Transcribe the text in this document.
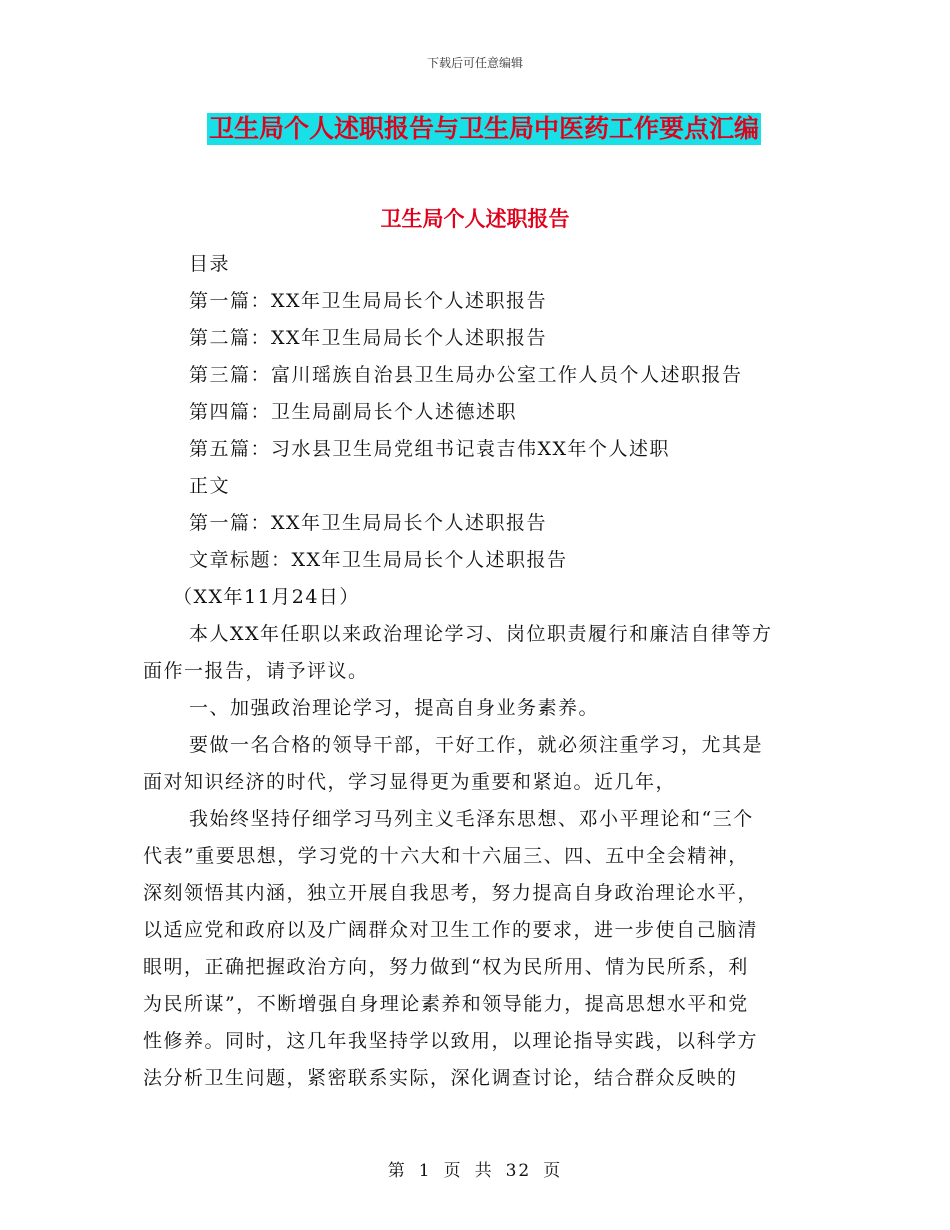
下载后可任意编辑
卫生局个人述职报告与卫生局中医药工作要点汇编
卫生局个人述职报告

目录

第一篇：XX年卫生局局长个人述职报告

第二篇：XX年卫生局局长个人述职报告

第三篇：富川瑶族自治县卫生局办公室工作人员个人述职报告

第四篇：卫生局副局长个人述德述职

第五篇：习水县卫生局党组书记袁吉伟XX年个人述职

正文

第一篇：XX年卫生局局长个人述职报告

文章标题：XX年卫生局局长个人述职报告

（XX年11月24日）

本人XX年任职以来政治理论学习、岗位职责履行和廉洁自律等方

面作一报告，请予评议。

一、加强政治理论学习，提高自身业务素养。

要做一名合格的领导干部，干好工作，就必须注重学习，尤其是

面对知识经济的时代，学习显得更为重要和紧迫。近几年，

我始终坚持仔细学习马列主义毛泽东思想、邓小平理论和“三个

代表”重要思想，学习党的十六大和十六届三、四、五中全会精神，

深刻领悟其内涵，独立开展自我思考，努力提高自身政治理论水平，

以适应党和政府以及广阔群众对卫生工作的要求，进一步使自己脑清

眼明，正确把握政治方向，努力做到“权为民所用、情为民所系，利

为民所谋”，不断增强自身理论素养和领导能力，提高思想水平和党

性修养。同时，这几年我坚持学以致用，以理论指导实践，以科学方

法分析卫生问题，紧密联系实际，深化调查讨论，结合群众反映的

第 1 页 共 32 页
